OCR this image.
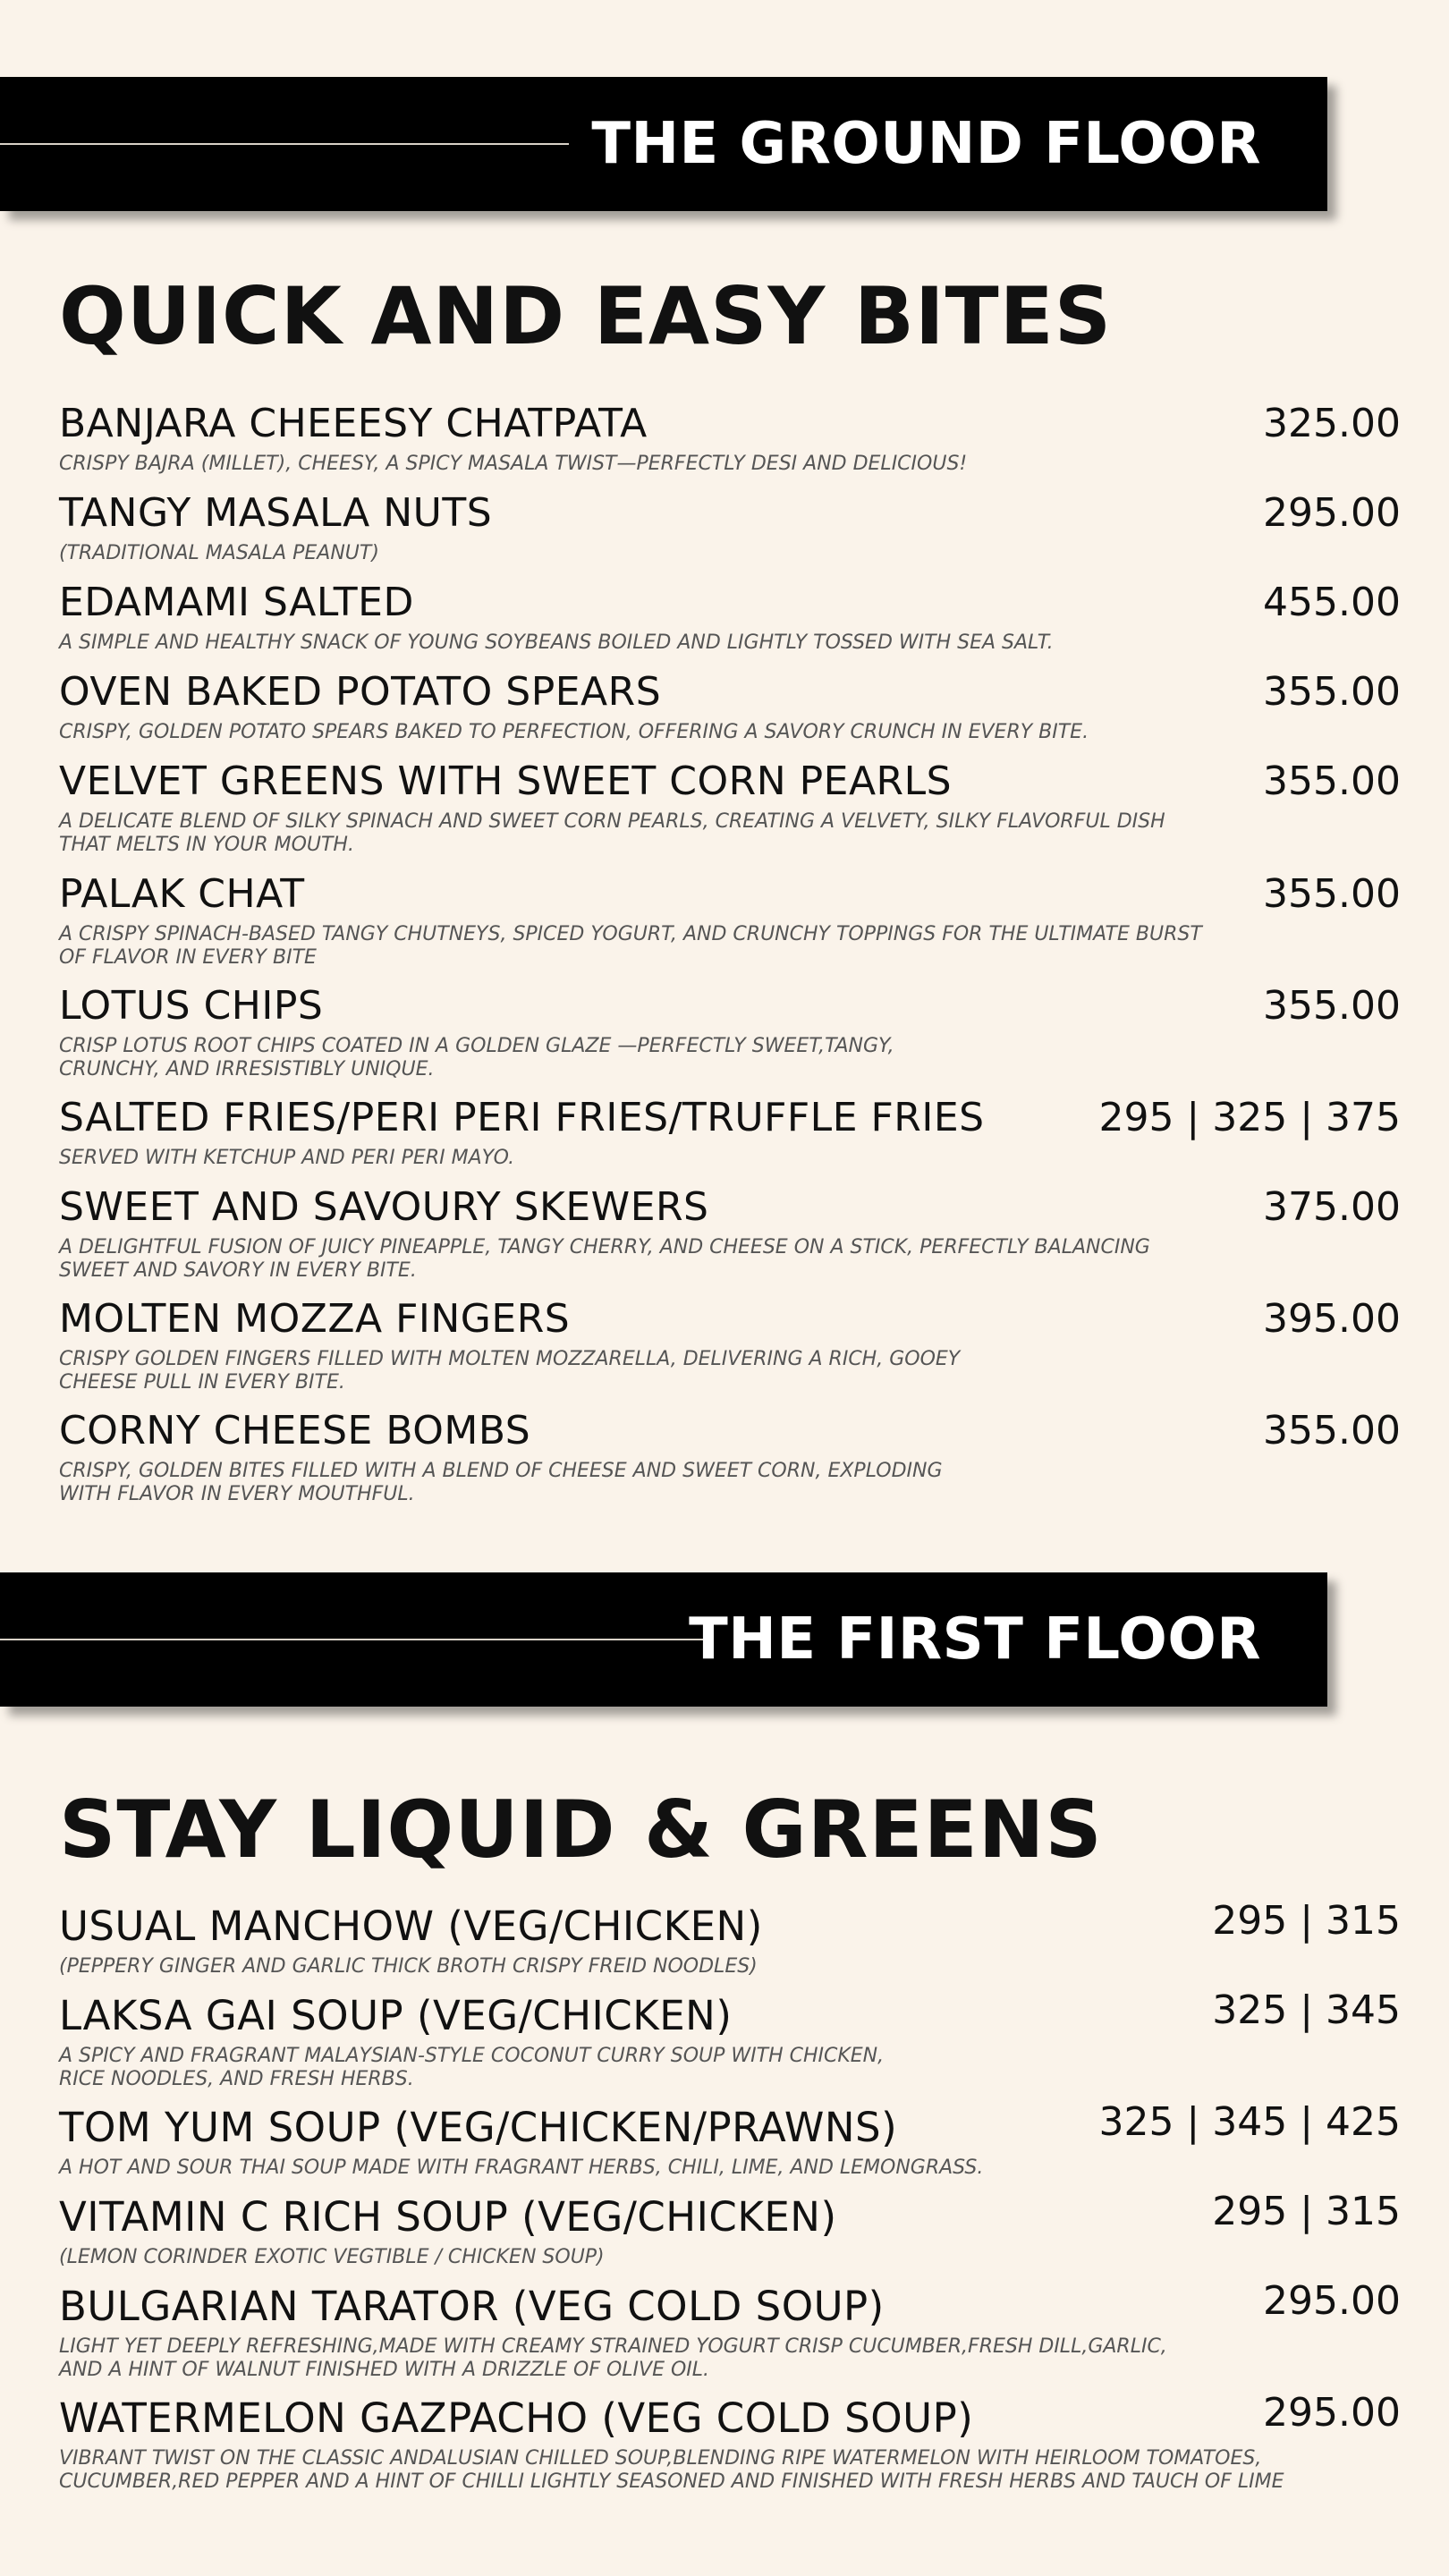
THE GROUND FLOOR
QUICK AND EASY BITES
BANJARA CHEEESY CHATPATA	325.00
CRISPY BAJRA (MILLET), CHEESY, A SPICY MASALA TWIST—PERFECTLY DESI AND DELICIOUS!
TANGY MASALA NUTS	295.00
(TRADITIONAL MASALA PEANUT)
EDAMAMI SALTED	455.00
A SIMPLE AND HEALTHY SNACK OF YOUNG SOYBEANS BOILED AND LIGHTLY TOSSED WITH SEA SALT.
OVEN BAKED POTATO SPEARS	355.00
CRISPY, GOLDEN POTATO SPEARS BAKED TO PERFECTION, OFFERING A SAVORY CRUNCH IN EVERY BITE.
VELVET GREENS WITH SWEET CORN PEARLS	355.00
A DELICATE BLEND OF SILKY SPINACH AND SWEET CORN PEARLS, CREATING A VELVETY, SILKY FLAVORFUL DISH
THAT MELTS IN YOUR MOUTH.
PALAK CHAT	355.00
A CRISPY SPINACH-BASED TANGY CHUTNEYS, SPICED YOGURT, AND CRUNCHY TOPPINGS FOR THE ULTIMATE BURST
OF FLAVOR IN EVERY BITE
LOTUS CHIPS	355.00
CRISP LOTUS ROOT CHIPS COATED IN A GOLDEN GLAZE —PERFECTLY SWEET,TANGY,
CRUNCHY, AND IRRESISTIBLY UNIQUE.
SALTED FRIES/PERI PERI FRIES/TRUFFLE FRIES	295 | 325 | 375
SERVED WITH KETCHUP AND PERI PERI MAYO.
SWEET AND SAVOURY SKEWERS	375.00
A DELIGHTFUL FUSION OF JUICY PINEAPPLE, TANGY CHERRY, AND CHEESE ON A STICK, PERFECTLY BALANCING
SWEET AND SAVORY IN EVERY BITE.
MOLTEN MOZZA FINGERS	395.00
CRISPY GOLDEN FINGERS FILLED WITH MOLTEN MOZZARELLA, DELIVERING A RICH, GOOEY
CHEESE PULL IN EVERY BITE.
CORNY CHEESE BOMBS	355.00
CRISPY, GOLDEN BITES FILLED WITH A BLEND OF CHEESE AND SWEET CORN, EXPLODING
WITH FLAVOR IN EVERY MOUTHFUL.
THE FIRST FLOOR
STAY LIQUID & GREENS
USUAL MANCHOW (VEG/CHICKEN)	295 | 315
(PEPPERY GINGER AND GARLIC THICK BROTH CRISPY FREID NOODLES)
LAKSA GAI SOUP (VEG/CHICKEN)	325 | 345
A SPICY AND FRAGRANT MALAYSIAN-STYLE COCONUT CURRY SOUP WITH CHICKEN,
RICE NOODLES, AND FRESH HERBS.
TOM YUM SOUP (VEG/CHICKEN/PRAWNS)	325 | 345 | 425
A HOT AND SOUR THAI SOUP MADE WITH FRAGRANT HERBS, CHILI, LIME, AND LEMONGRASS.
VITAMIN C RICH SOUP (VEG/CHICKEN)	295 | 315
(LEMON CORINDER EXOTIC VEGTIBLE / CHICKEN SOUP)
BULGARIAN TARATOR (VEG COLD SOUP)	295.00
LIGHT YET DEEPLY REFRESHING,MADE WITH CREAMY STRAINED YOGURT CRISP CUCUMBER,FRESH DILL,GARLIC,
AND A HINT OF WALNUT FINISHED WITH A DRIZZLE OF OLIVE OIL.
WATERMELON GAZPACHO (VEG COLD SOUP)	295.00
VIBRANT TWIST ON THE CLASSIC ANDALUSIAN CHILLED SOUP,BLENDING RIPE WATERMELON WITH HEIRLOOM TOMATOES,
CUCUMBER,RED PEPPER AND A HINT OF CHILLI LIGHTLY SEASONED AND FINISHED WITH FRESH HERBS AND TAUCH OF LIME
